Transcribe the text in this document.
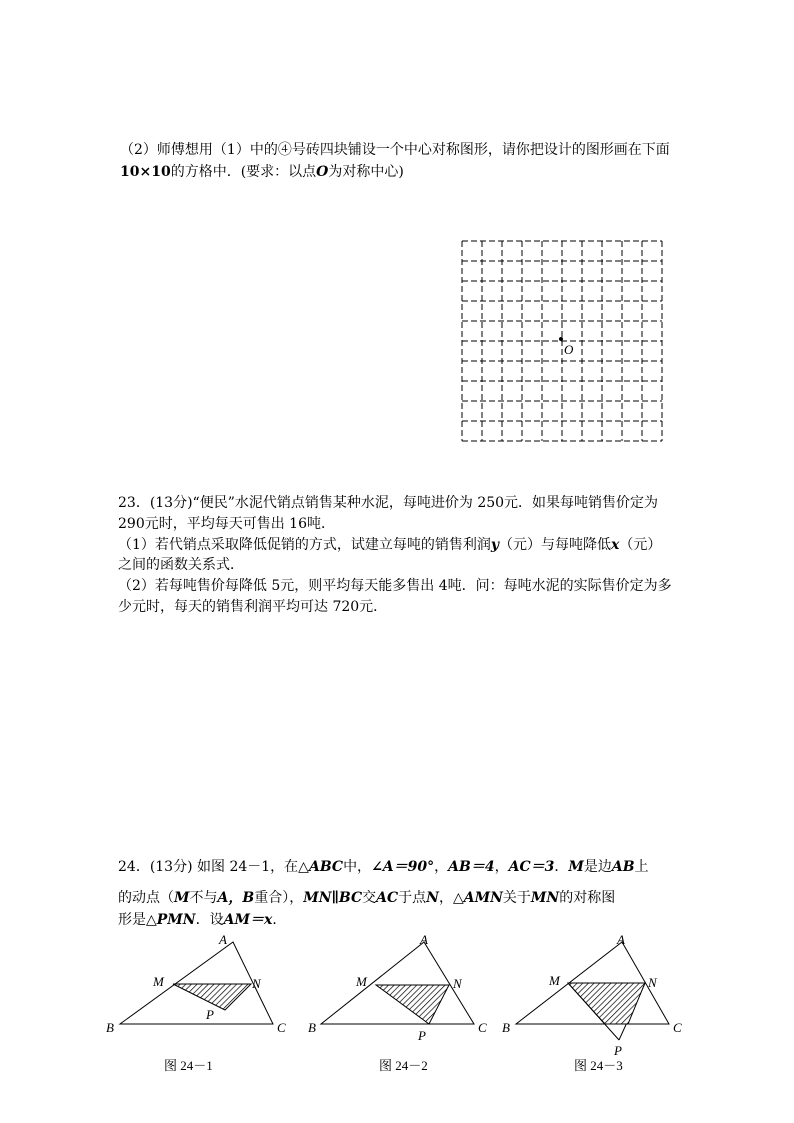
（2）师傅想用（1）中的④号砖四块铺设一个中心对称图形，请你把设计的图形画在下面
10×10的方格中．(要求：以点O为对称中心)
O
23．(13分)“便民”水泥代销点销售某种水泥，每吨进价为 250元．如果每吨销售价定为
290元时，平均每天可售出 16吨．
（1）若代销点采取降低促销的方式，试建立每吨的销售利润y（元）与每吨降低x（元）
之间的函数关系式．
（2）若每吨售价每降低 5元，则平均每天能多售出 4吨．问：每吨水泥的实际售价定为多
少元时，每天的销售利润平均可达 720元．
24．(13分) 如图 24－1，在△ABC中，∠A＝90°，AB＝4，AC＝3．M是边AB上
的动点（M不与A，B重合），MN∥BC交AC于点N，△AMN关于MN的对称图
形是△PMN．设AM＝x．
A
B	C
M	N
P
图 24－1
A
B	C
M	N
P
图 24－2
A
B	C
M	N
P
图 24－3
